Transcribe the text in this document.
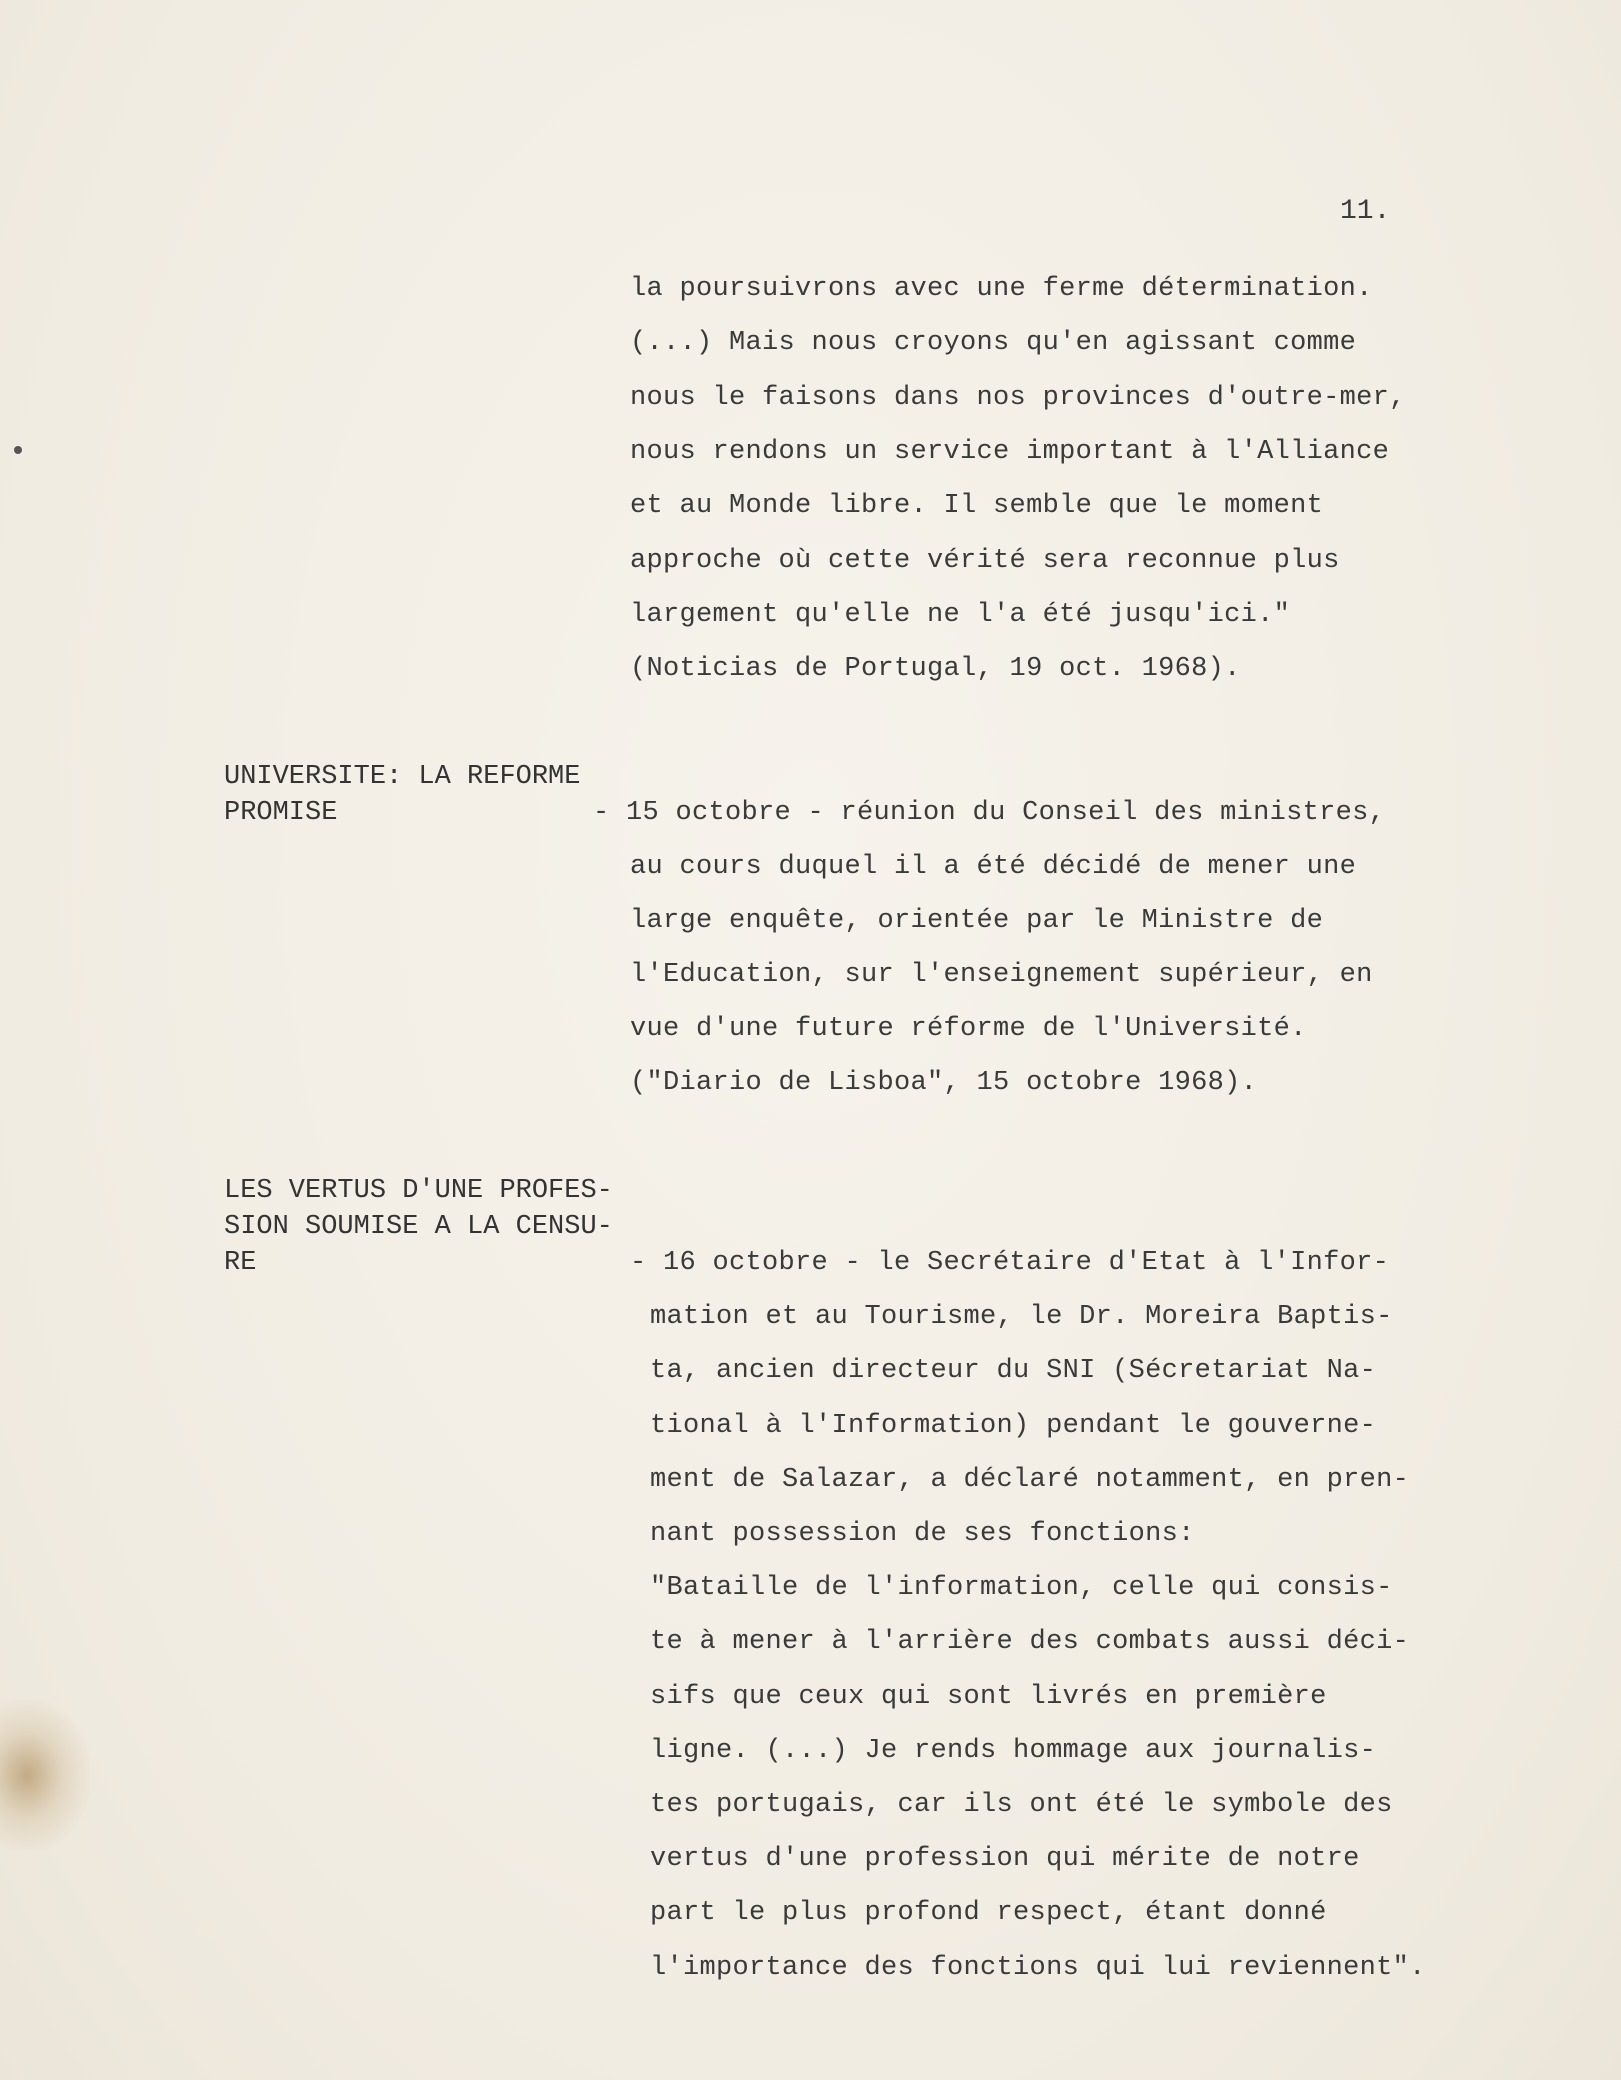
11.
la poursuivrons avec une ferme détermination.
(...) Mais nous croyons qu'en agissant comme
nous le faisons dans nos provinces d'outre-mer,
nous rendons un service important à l'Alliance
et au Monde libre. Il semble que le moment
approche où cette vérité sera reconnue plus
largement qu'elle ne l'a été jusqu'ici."
(Noticias de Portugal, 19 oct. 1968).
UNIVERSITE: LA REFORME
PROMISE	- 15 octobre - réunion du Conseil des ministres,
au cours duquel il a été décidé de mener une
large enquête, orientée par le Ministre de
l'Education, sur l'enseignement supérieur, en
vue d'une future réforme de l'Université.
("Diario de Lisboa", 15 octobre 1968).
LES VERTUS D'UNE PROFES-
SION SOUMISE A LA CENSU-
RE	- 16 octobre - le Secrétaire d'Etat à l'Infor-
mation et au Tourisme, le Dr. Moreira Baptis-
ta, ancien directeur du SNI (Sécretariat Na-
tional à l'Information) pendant le gouverne-
ment de Salazar, a déclaré notamment, en pren-
nant possession de ses fonctions:
"Bataille de l'information, celle qui consis-
te à mener à l'arrière des combats aussi déci-
sifs que ceux qui sont livrés en première
ligne. (...) Je rends hommage aux journalis-
tes portugais, car ils ont été le symbole des
vertus d'une profession qui mérite de notre
part le plus profond respect, étant donné
l'importance des fonctions qui lui reviennent".
